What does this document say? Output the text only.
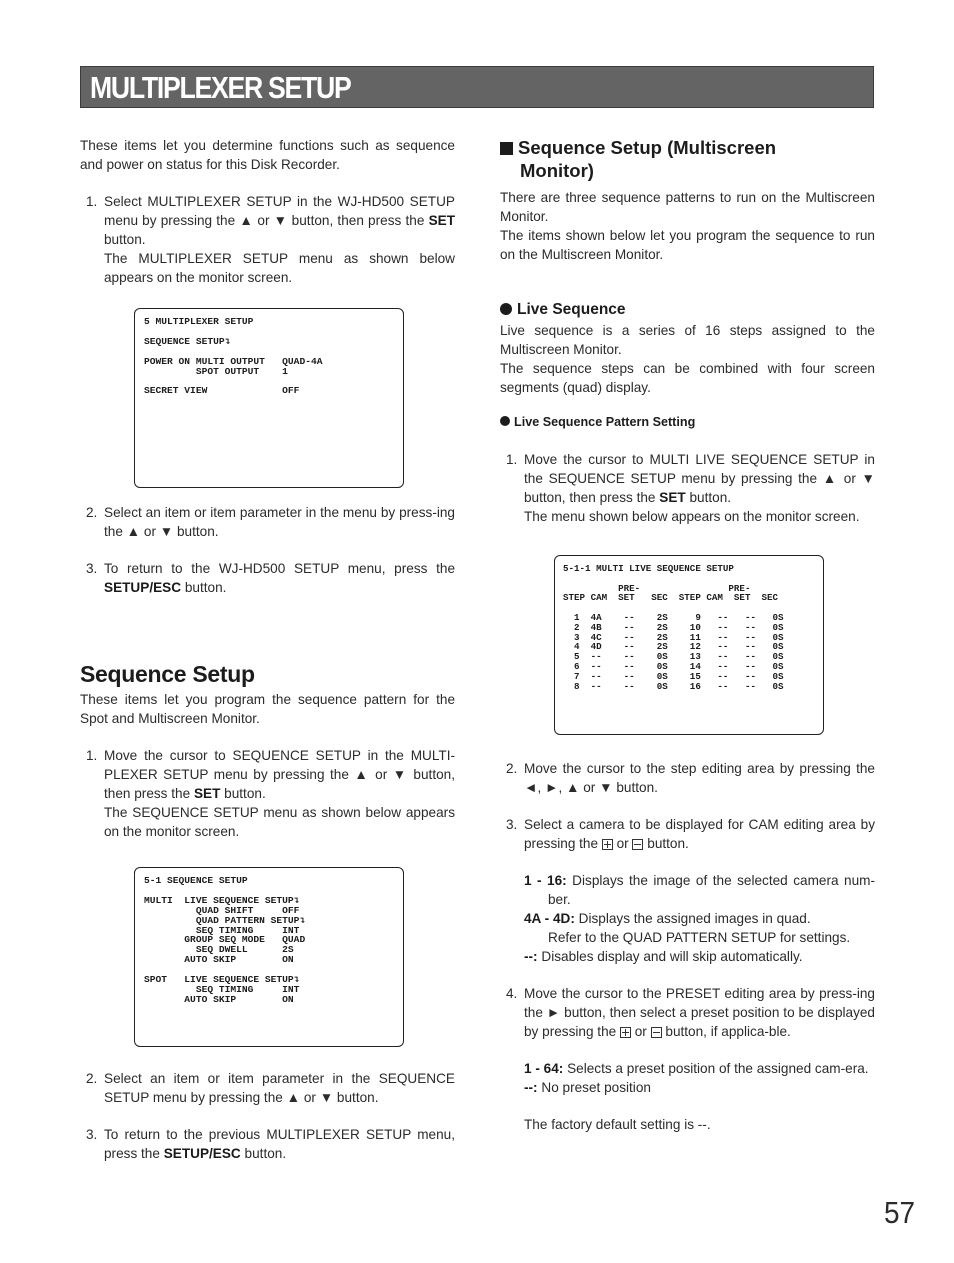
MULTIPLEXER SETUP

These items let you determine functions such as sequence and power on status for this Disk Recorder.

1. Select MULTIPLEXER SETUP in the WJ-HD500 SETUP menu by pressing the ▲ or ▼ button, then press the SET button.

The MULTIPLEXER SETUP menu as shown below appears on the monitor screen.

2. Select an item or item parameter in the menu by press-ing the ▲ or ▼ button.

3. To return to the WJ-HD500 SETUP menu, press the SETUP/ESC button.

Sequence Setup

These items let you program the sequence pattern for the Spot and Multiscreen Monitor.

1. Move the cursor to SEQUENCE SETUP in the MULTI-PLEXER SETUP menu by pressing the ▲ or ▼ button, then press the SET button.

The SEQUENCE SETUP menu as shown below appears on the monitor screen.

2. Select an item or item parameter in the SEQUENCE SETUP menu by pressing the ▲ or ▼ button.

3. To return to the previous MULTIPLEXER SETUP menu, press the SETUP/ESC button.

5 MULTIPLEXER SETUP

SEQUENCE SETUP↴

POWER ON MULTI OUTPUT   QUAD-4A
SPOT OUTPUT    1

SECRET VIEW             OFF
5-1 SEQUENCE SETUP

MULTI  LIVE SEQUENCE SETUP↴
QUAD SHIFT     OFF
QUAD PATTERN SETUP↴
SEQ TIMING     INT
GROUP SEQ MODE   QUAD
SEQ DWELL      2S
AUTO SKIP        ON

SPOT   LIVE SEQUENCE SETUP↴
SEQ TIMING     INT
AUTO SKIP        ON
Sequence Setup (Multiscreen
Monitor)

There are three sequence patterns to run on the Multiscreen Monitor.

The items shown below let you program the sequence to run on the Multiscreen Monitor.

Live Sequence

Live sequence is a series of 16 steps assigned to the Multiscreen Monitor.

The sequence steps can be combined with four screen segments (quad) display.

Live Sequence Pattern Setting
1. Move the cursor to MULTI LIVE SEQUENCE SETUP in the SEQUENCE SETUP menu by pressing the ▲ or ▼ button, then press the SET button.

The menu shown below appears on the monitor screen.

5-1-1 MULTI LIVE SEQUENCE SETUP

PRE-                PRE-
STEP CAM  SET   SEC  STEP CAM  SET  SEC

1  4A    --    2S     9   --   --   0S
2  4B    --    2S    10   --   --   0S
3  4C    --    2S    11   --   --   0S
4  4D    --    2S    12   --   --   0S
5  --    --    0S    13   --   --   0S
6  --    --    0S    14   --   --   0S
7  --    --    0S    15   --   --   0S
8  --    --    0S    16   --   --   0S
2. Move the cursor to the step editing area by pressing the ◄, ►, ▲ or ▼ button.

3. Select a camera to be displayed for CAM editing area by pressing the  or  button.

1 - 16: Displays the image of the selected camera num-ber.

4A - 4D: Displays the assigned images in quad.

Refer to the QUAD PATTERN SETUP for settings.

--: Disables display and will skip automatically.

4. Move the cursor to the PRESET editing area by press-ing the ► button, then select a preset position to be displayed by pressing the  or  button, if applica-ble.

1 - 64: Selects a preset position of the assigned cam-era.

--: No preset position

The factory default setting is --.

57
